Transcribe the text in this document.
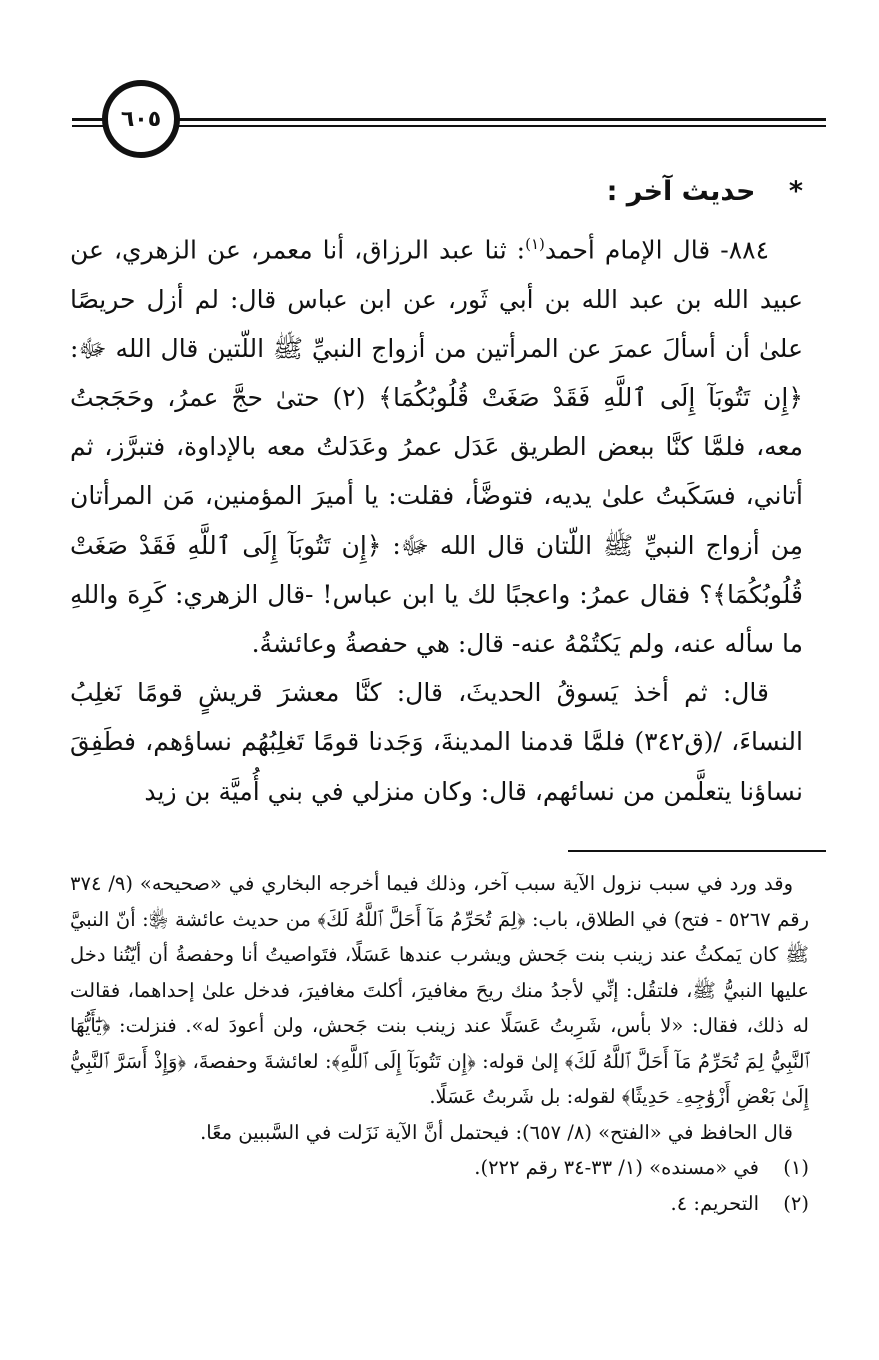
٦٠٥
* حديث آخر :

٨٨٤- قال الإمام أحمد$^{(١)}$: ثنا عبد الرزاق، أنا معمر، عن الزهري، عن عبيد الله بن عبد الله بن أبي ثَور، عن ابن عباس قال: لم أزل حريصًا علىٰ أن أسألَ عمرَ عن المرأتين من أزواج النبيِّ ﷺ اللّتين قال الله ﷻ: ﴿إِن تَتُوبَآ إِلَى ٱللَّهِ فَقَدْ صَغَتْ قُلُوبُكُمَا﴾ (٢) حتىٰ حجَّ عمرُ، وحَجَجتُ معه، فلمَّا كنَّا ببعض الطريق عَدَل عمرُ وعَدَلتُ معه بالإداوة، فتبرَّز، ثم أتاني، فسَكَبتُ علىٰ يديه، فتوضَّأ، فقلت: يا أميرَ المؤمنين، مَن المرأتان مِن أزواج النبيِّ ﷺ اللّتان قال الله ﷻ: ﴿إِن تَتُوبَآ إِلَى ٱللَّهِ فَقَدْ صَغَتْ قُلُوبُكُمَا﴾؟ فقال عمرُ: واعجبًا لك يا ابن عباس! -قال الزهري: كَرِهَ واللهِ ما سأله عنه، ولم يَكتُمْهُ عنه- قال: هي حفصةُ وعائشةُ.

قال: ثم أخذ يَسوقُ الحديثَ، قال: كنَّا معشرَ قريشٍ قومًا نَغلِبُ النساءَ، /(ق٣٤٢) فلمَّا قدمنا المدينةَ، وَجَدنا قومًا تَغلِبُهُم نساؤهم، فطَفِقَ نساؤنا يتعلَّمن من نسائهم، قال: وكان منزلي في بني أُميَّة بن زيد

وقد ورد في سبب نزول الآية سبب آخر، وذلك فيما أخرجه البخاري في «صحيحه» (٩/ ٣٧٤ رقم ٥٢٦٧ - فتح) في الطلاق، باب: ﴿لِمَ تُحَرِّمُ مَآ أَحَلَّ ٱللَّهُ لَكَ﴾ من حديث عائشة ﵂: أنّ النبيَّ ﷺ كان يَمكثُ عند زينب بنت جَحش ويشرب عندها عَسَلًا، فتَواصيتُ أنا وحفصةُ أن أيّتُنا دخل عليها النبيُّ ﷺ، فلتقُل: إنِّي لأجدُ منك ريحَ مغافيرَ، أكلتَ مغافيرَ، فدخل علىٰ إحداهما، فقالت له ذلك، فقال: «لا بأس، شَرِبتُ عَسَلًا عند زينب بنت جَحش، ولن أعودَ له». فنزلت: ﴿يَٰٓأَيُّهَا ٱلنَّبِيُّ لِمَ تُحَرِّمُ مَآ أَحَلَّ ٱللَّهُ لَكَ﴾ إلىٰ قوله: ﴿إِن تَتُوبَآ إِلَى ٱللَّهِ﴾: لعائشةَ وحفصةَ، ﴿وَإِذْ أَسَرَّ ٱلنَّبِيُّ إِلَىٰ بَعْضِ أَزْوَٰجِهِۦ حَدِيثًا﴾ لقوله: بل شَربتُ عَسَلًا.

قال الحافظ في «الفتح» (٨/ ٦٥٧): فيحتمل أنَّ الآية نَزَلت في السَّببين معًا.

(١)
في «مسنده» (١/ ٣٣-٣٤ رقم ٢٢٢).
(٢)
التحريم: ٤.
